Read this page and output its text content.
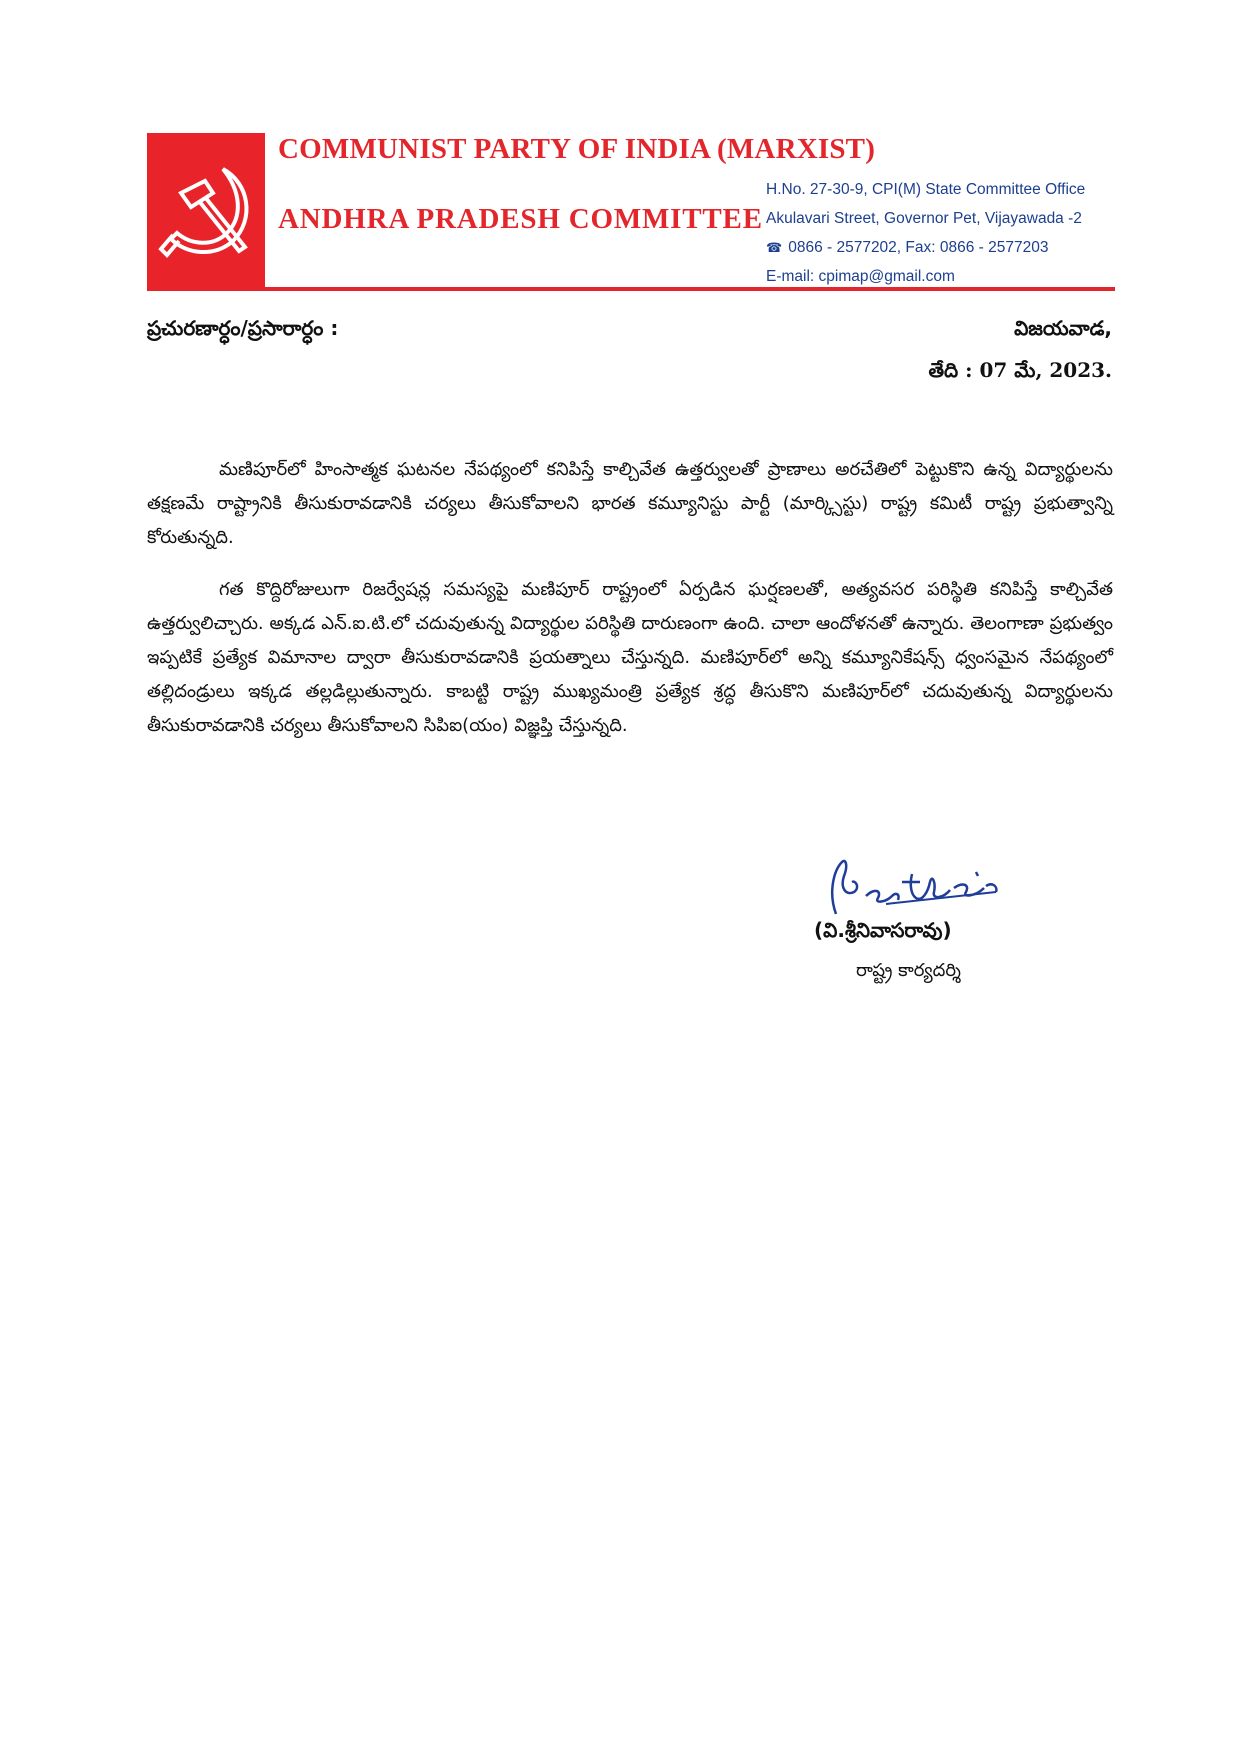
COMMUNIST PARTY OF INDIA (MARXIST)
ANDHRA PRADESH COMMITTEE
H.No. 27-30-9, CPI(M) State Committee Office
Akulavari Street, Governor Pet, Vijayawada -2
☎ 0866 - 2577202, Fax: 0866 - 2577203
E-mail: cpimap@gmail.com
ప్రచురణార్ధం/ప్రసారార్ధం :	విజయవాడ,
తేది : 07 మే, 2023.

మణిపూర్‌లో హింసాత్మక ఘటనల నేపథ్యంలో కనిపిస్తే కాల్చివేత ఉత్తర్వులతో ప్రాణాలు అరచేతిలో పెట్టుకొని ఉన్న విద్యార్థులను తక్షణమే రాష్ట్రానికి తీసుకురావడానికి చర్యలు తీసుకోవాలని భారత కమ్యూనిస్టు పార్టీ (మార్క్సిస్టు) రాష్ట్ర కమిటీ రాష్ట్ర ప్రభుత్వాన్ని కోరుతున్నది.

గత కొద్దిరోజులుగా రిజర్వేషన్ల సమస్యపై మణిపూర్ రాష్ట్రంలో ఏర్పడిన ఘర్షణలతో, అత్యవసర పరిస్థితి కనిపిస్తే కాల్చివేత ఉత్తర్వులిచ్చారు. అక్కడ ఎన్.ఐ.టి.లో చదువుతున్న విద్యార్థుల పరిస్థితి దారుణంగా ఉంది. చాలా ఆందోళనతో ఉన్నారు. తెలంగాణా ప్రభుత్వం ఇప్పటికే ప్రత్యేక విమానాల ద్వారా తీసుకురావడానికి ప్రయత్నాలు చేస్తున్నది. మణిపూర్‌లో అన్ని కమ్యూనికేషన్స్ ధ్వంసమైన నేపథ్యంలో తల్లిదండ్రులు ఇక్కడ తల్లడిల్లుతున్నారు. కాబట్టి రాష్ట్ర ముఖ్యమంత్రి ప్రత్యేక శ్రద్ధ తీసుకొని మణిపూర్‌లో చదువుతున్న విద్యార్థులను తీసుకురావడానికి చర్యలు తీసుకోవాలని సిపిఐ(యం) విజ్ఞప్తి చేస్తున్నది.

(వి.శ్రీనివాసరావు)
రాష్ట్ర కార్యదర్శి
